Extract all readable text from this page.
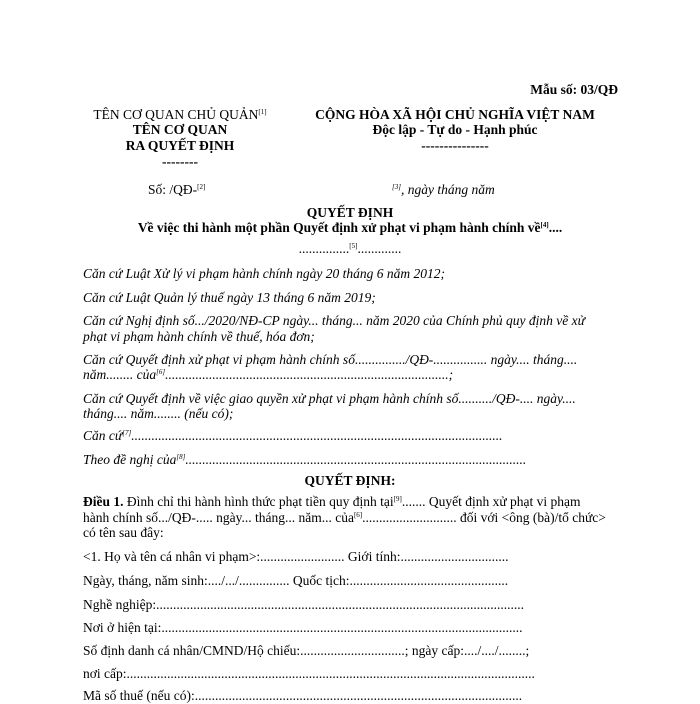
Mẫu số: 03/QĐ
TÊN CƠ QUAN CHỦ QUẢN[1]
TÊN CƠ QUAN
RA QUYẾT ĐỊNH
--------
Số: /QĐ-[2]
CỘNG HÒA XÃ HỘI CHỦ NGHĨA VIỆT NAM
Độc lập - Tự do - Hạnh phúc
---------------
[3], ngày tháng năm
QUYẾT ĐỊNH
Về việc thi hành một phần Quyết định xử phạt vi phạm hành chính về[4]....
...............[5].............
Căn cứ Luật Xử lý vi phạm hành chính ngày 20 tháng 6 năm 2012;
Căn cứ Luật Quản lý thuế ngày 13 tháng 6 năm 2019;
Căn cứ Nghị định số.../2020/NĐ-CP ngày... tháng... năm 2020 của Chính phủ quy định về xử
phạt vi phạm hành chính về thuế, hóa đơn;
Căn cứ Quyết định xử phạt vi phạm hành chính số.............../QĐ-................ ngày.... tháng....
năm........ của[6]....................................................................................;
Căn cứ Quyết định về việc giao quyền xử phạt vi phạm hành chính số........../QĐ-.... ngày....
tháng.... năm........ (nếu có);
Căn cứ[7]..............................................................................................................
Theo đề nghị của[8].....................................................................................................
QUYẾT ĐỊNH:
Điều 1. Đình chỉ thi hành hình thức phạt tiền quy định tại[9]....... Quyết định xử phạt vi phạm
hành chính số.../QĐ-..... ngày... tháng... năm... của[6]............................ đối với <ông (bà)/tổ chức>
có tên sau đây:
<1. Họ và tên cá nhân vi phạm>:......................... Giới tính:................................
Ngày, tháng, năm sinh:..../.../............... Quốc tịch:...............................................
Nghề nghiệp:.............................................................................................................
Nơi ở hiện tại:...........................................................................................................
Số định danh cá nhân/CMND/Hộ chiếu:...............................; ngày cấp:..../..../........;
nơi cấp:.........................................................................................................................
Mã số thuế (nếu có):.................................................................................................
